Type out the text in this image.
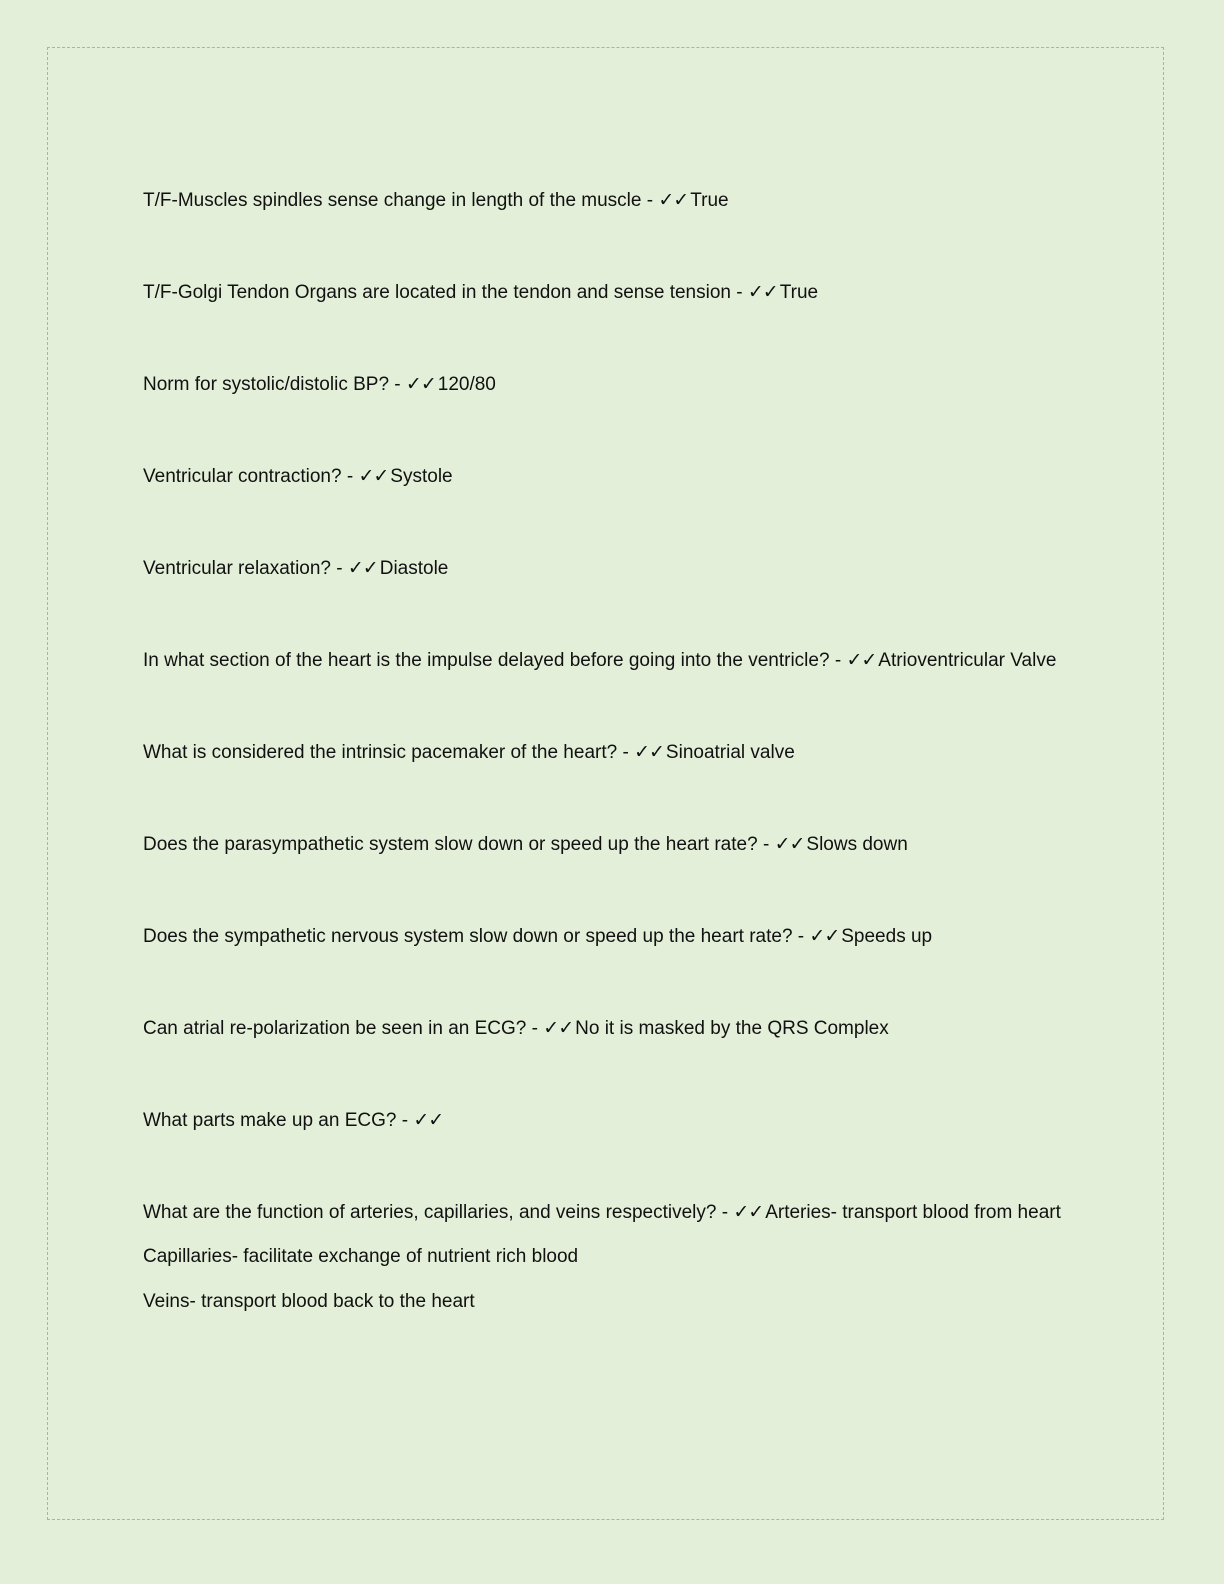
T/F-Muscles spindles sense change in length of the muscle - ✓✓ True

T/F-Golgi Tendon Organs are located in the tendon and sense tension - ✓✓ True

Norm for systolic/distolic BP? - ✓✓ 120/80

Ventricular contraction? - ✓✓ Systole

Ventricular relaxation? - ✓✓ Diastole

In what section of the heart is the impulse delayed before going into the ventricle? - ✓✓ Atrioventricular Valve

What is considered the intrinsic pacemaker of the heart? - ✓✓ Sinoatrial valve

Does the parasympathetic system slow down or speed up the heart rate? - ✓✓ Slows down

Does the sympathetic nervous system slow down or speed up the heart rate? - ✓✓ Speeds up

Can atrial re-polarization be seen in an ECG? - ✓✓ No it is masked by the QRS Complex

What parts make up an ECG? - ✓✓

What are the function of arteries, capillaries, and veins respectively? - ✓✓ Arteries- transport blood from heart

Capillaries- facilitate exchange of nutrient rich blood

Veins- transport blood back to the heart
